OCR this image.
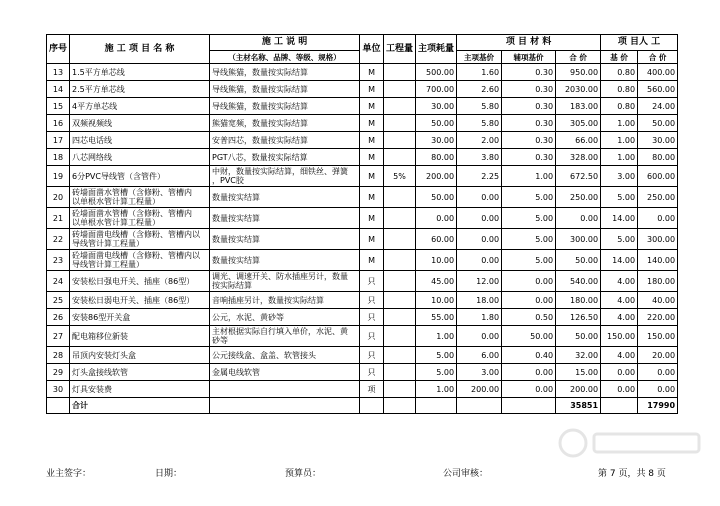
序号	施 工 项 目 名 称	施 工 说 明	单位	工程量	主项耗量	项 目 材 料			项 目人 工	
		（主材名称、品牌、等级、规格）				主项基价	辅项基价	合 价	基 价	合 价

13	1.5平方单芯线	导线熊猫，数量按实际结算	M		500.00	1.60	0.30	950.00	0.80	400.00

14	2.5平方单芯线	导线熊猫，数量按实际结算	M		700.00	2.60	0.30	2030.00	0.80	560.00

15	4平方单芯线	导线熊猫，数量按实际结算	M		30.00	5.80	0.30	183.00	0.80	24.00

16	双频视频线	熊猫宽频，数量按实际结算	M		50.00	5.80	0.30	305.00	1.00	50.00

17	四芯电话线	安普四芯，数量按实际结算	M		30.00	2.00	0.30	66.00	1.00	30.00

18	八芯网络线	PGT八芯，数量按实际结算	M		80.00	3.80	0.30	328.00	1.00	80.00

19	6分PVC导线管（含管件）	中财，数量按实际结算，细铁丝、弹簧
，PVC胶	M	5%	200.00	2.25	1.00	672.50	3.00	600.00

20	砖墙面凿水管槽（含修粉、管槽内
以单根水管计算工程量）	数量按实结算	M		50.00	0.00	5.00	250.00	5.00	250.00

21	砼墙面凿水管槽（含修粉、管槽内
以单根水管计算工程量）	数量按实结算	M		0.00	0.00	5.00	0.00	14.00	0.00

22	砖墙面凿电线槽（含修粉、管槽内以
导线管计算工程量）	数量按实结算	M		60.00	0.00	5.00	300.00	5.00	300.00

23	砼墙面凿电线槽（含修粉、管槽内以
导线管计算工程量）	数量按实结算	M		10.00	0.00	5.00	50.00	14.00	140.00

24	安装松日强电开关、插座（86型）	调光、调速开关、防水插座另计，数量
按实际结算	只		45.00	12.00	0.00	540.00	4.00	180.00

25	安装松日弱电开关、插座（86型）	音响插座另计，数量按实际结算	只		10.00	18.00	0.00	180.00	4.00	40.00

26	安装86型开关盒	公元，水泥、黄砂等	只		55.00	1.80	0.50	126.50	4.00	220.00

27	配电箱移位新装	主材根据实际自行填入单价，水泥、黄
砂等	只		1.00	0.00	50.00	50.00	150.00	150.00

28	吊顶内安装灯头盒	公元接线盒、盒盖、软管接头	只		5.00	6.00	0.40	32.00	4.00	20.00

29	灯头盒接线软管	金属电线软管	只		5.00	3.00	0.00	15.00	0.00	0.00

30	灯具安装费		项		1.00	200.00	0.00	200.00	0.00	0.00

	合计							35851		17990
业主签字：	日期：	预算员：	公司审核：	第 7 页，共 8 页
